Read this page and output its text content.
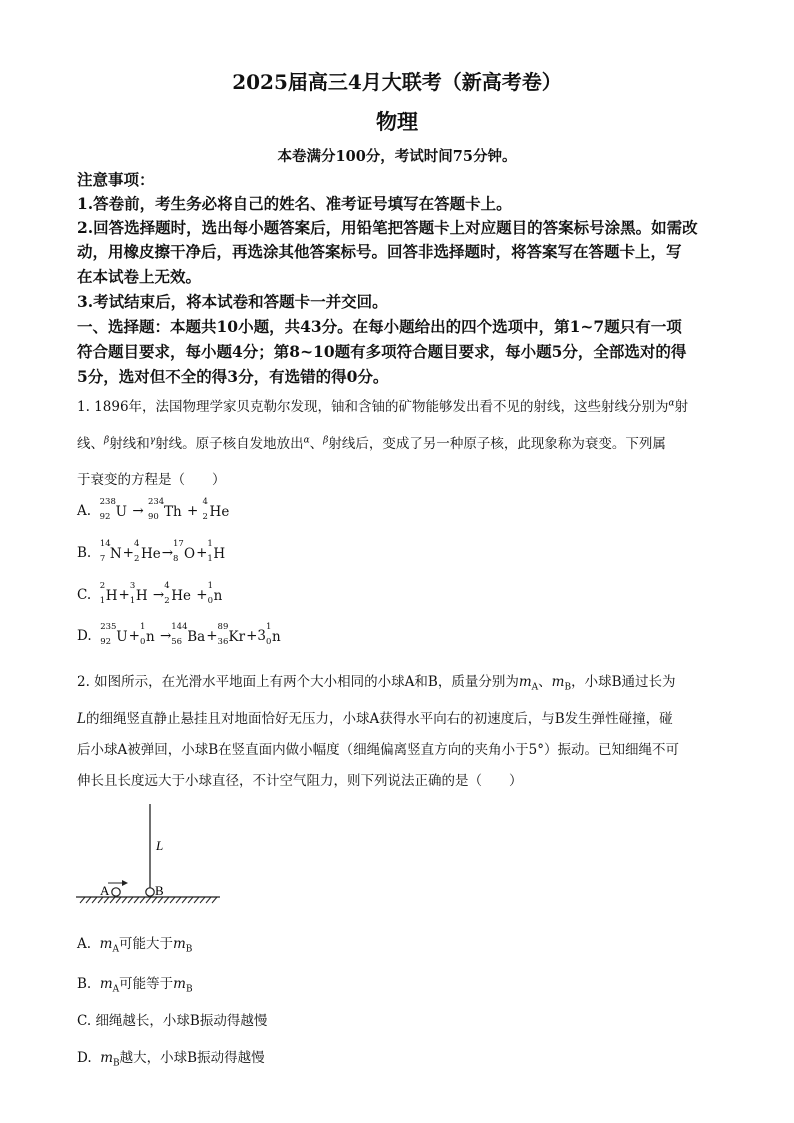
2025届高三4月大联考（新高考卷）
物理
本卷满分100分，考试时间75分钟。
注意事项：
1.答卷前，考生务必将自己的姓名、准考证号填写在答题卡上。
2.回答选择题时，选出每小题答案后，用铅笔把答题卡上对应题目的答案标号涂黑。如需改
动，用橡皮擦干净后，再选涂其他答案标号。回答非选择题时，将答案写在答题卡上，写
在本试卷上无效。
3.考试结束后，将本试卷和答题卡一并交回。
一、选择题：本题共10小题，共43分。在每小题给出的四个选项中，第1~7题只有一项
符合题目要求，每小题4分；第8~10题有多项符合题目要求，每小题5分，全部选对的得
5分，选对但不全的得3分，有选错的得0分。
1. 1896年，法国物理学家贝克勒尔发现，铀和含铀的矿物能够发出看不见的射线，这些射线分别为$^\alpha$射
线、$^\beta$射线和$^\gamma$射线。原子核自发地放出$^\alpha$、$^\beta$射线后，变成了另一种原子核，此现象称为衰变。下列属
于衰变的方程是（　　）
A.
238
92 U →
234
90 Th +
4
2 He
B.
14
7 N+
4
2 He→
17
8 O+
1
1 H
C.
2
1 H+
3
1 H →
4
2 He +
1
0 n
D.
235
92 U+
1
0 n →
144
56 Ba+
89
36 Kr+3
1
0 n
2. 如图所示，在光滑水平地面上有两个大小相同的小球A和B，质量分别为$m_A$、$m_B$，小球B通过长为
L的细绳竖直静止悬挂且对地面恰好无压力，小球A获得水平向右的初速度后，与B发生弹性碰撞，碰
后小球A被弹回，小球B在竖直面内做小幅度（细绳偏离竖直方向的夹角小于5°）振动。已知细绳不可
伸长且长度远大于小球直径，不计空气阻力，则下列说法正确的是（　　）
L
A	B
A. $m_A$可能大于$m_B$
B. $m_A$可能等于$m_B$
C. 细绳越长，小球B振动得越慢
D. $m_B$越大，小球B振动得越慢
